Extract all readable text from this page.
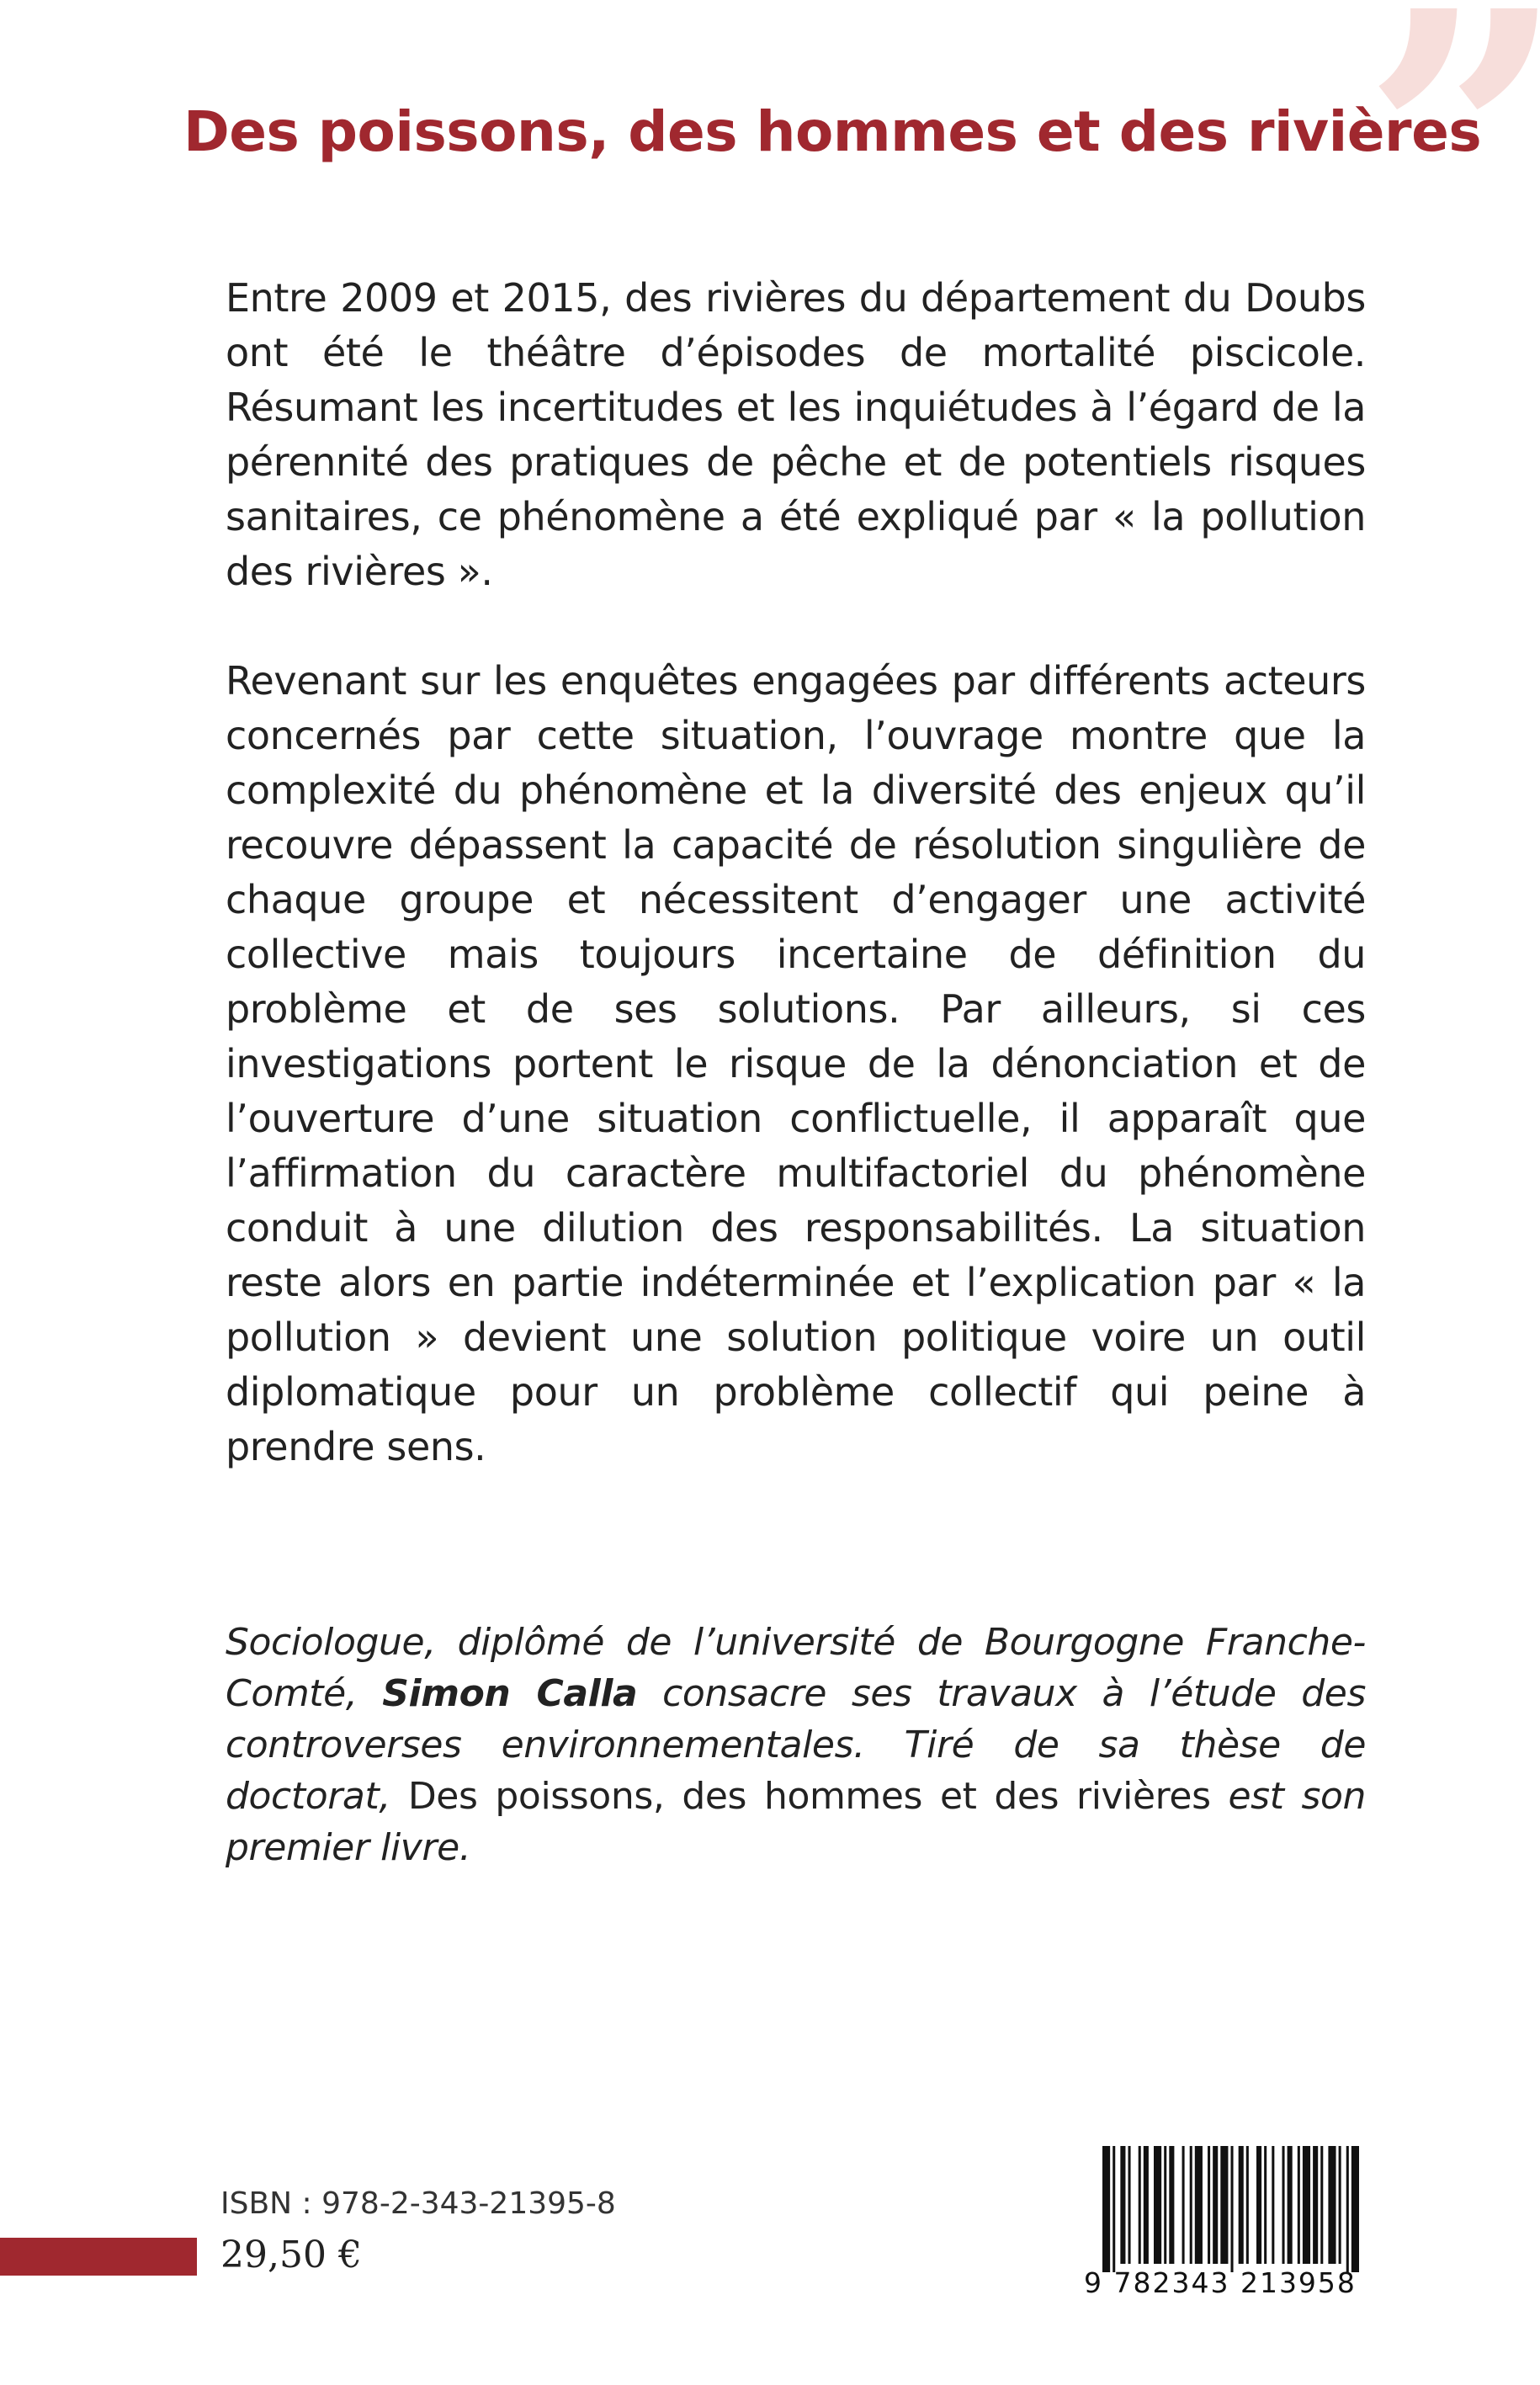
”
Des poissons, des hommes et des rivières

Entre 2009 et 2015, des rivières du département du Doubs ont été le théâtre d’épisodes de mortalité piscicole. Résumant les incertitudes et les inquiétudes à l’égard de la pérennité des pratiques de pêche et de potentiels risques sanitaires, ce phénomène a été expliqué par « la pollution des rivières ».

Revenant sur les enquêtes engagées par différents acteurs concernés par cette situation, l’ouvrage montre que la complexité du phénomène et la diversité des enjeux qu’il recouvre dépassent la capacité de résolution singulière de chaque groupe et nécessitent d’engager une activité collective mais toujours incertaine de définition du problème et de ses solutions. Par ailleurs, si ces investigations portent le risque de la dénonciation et de l’ouverture d’une situation conflictuelle, il apparaît que l’affirmation du caractère multifactoriel du phénomène conduit à une dilution des responsabilités. La situation reste alors en partie indéterminée et l’explication par « la pollution » devient une solution politique voire un outil diplomatique pour un problème collectif qui peine à prendre sens.

Sociologue, diplômé de l’université de Bourgogne Franche-Comté, Simon Calla consacre ses travaux à l’étude des controverses environnementales. Tiré de sa thèse de doctorat, Des poissons, des hommes et des rivières est son premier livre.

ISBN : 978-2-343-21395-8
29,50 €
9 782343 213958
